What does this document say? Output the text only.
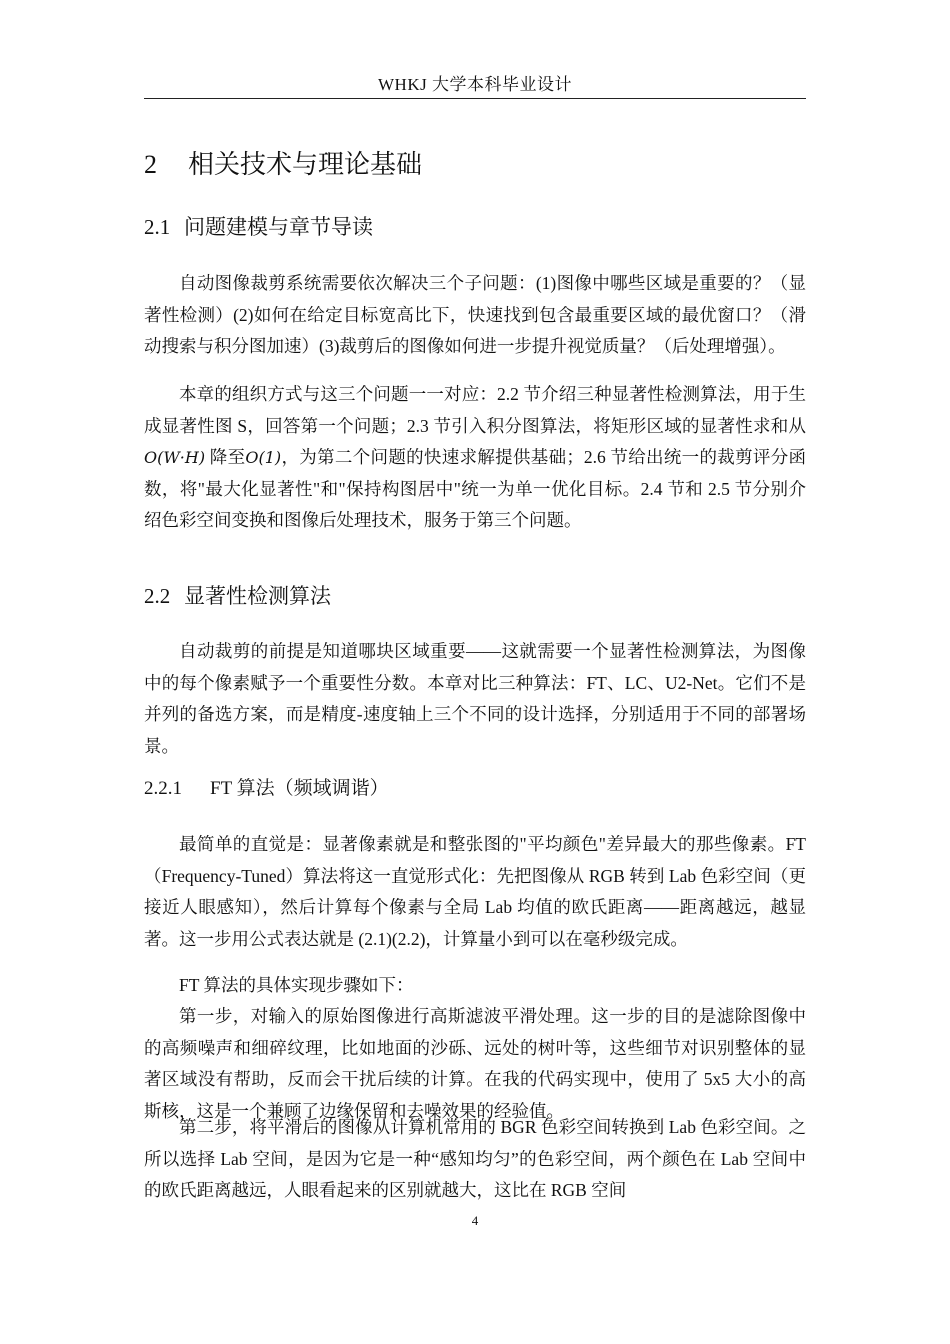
WHKJ 大学本科毕业设计
2 相关技术与理论基础
2.1 问题建模与章节导读

自动图像裁剪系统需要依次解决三个子问题：(1)图像中哪些区域是重要的？（显著性检测）(2)如何在给定目标宽高比下，快速找到包含最重要区域的最优窗口？（滑动搜索与积分图加速）(3)裁剪后的图像如何进一步提升视觉质量？（后处理增强）。

本章的组织方式与这三个问题一一对应：2.2 节介绍三种显著性检测算法，用于生成显著性图 S，回答第一个问题；2.3 节引入积分图算法，将矩形区域的显著性求和从O(W·H) 降至O(1)，为第二个问题的快速求解提供基础；2.6 节给出统一的裁剪评分函数，将"最大化显著性"和"保持构图居中"统一为单一优化目标。2.4 节和 2.5 节分别介绍色彩空间变换和图像后处理技术，服务于第三个问题。

2.2 显著性检测算法

自动裁剪的前提是知道哪块区域重要——这就需要一个显著性检测算法，为图像中的每个像素赋予一个重要性分数。本章对比三种算法：FT、LC、U2-Net。它们不是并列的备选方案，而是精度-速度轴上三个不同的设计选择，分别适用于不同的部署场景。

2.2.1 FT 算法（频域调谐）

最简单的直觉是：显著像素就是和整张图的"平均颜色"差异最大的那些像素。FT（Frequency-Tuned）算法将这一直觉形式化：先把图像从 RGB 转到 Lab 色彩空间（更接近人眼感知），然后计算每个像素与全局 Lab 均值的欧氏距离——距离越远，越显著。这一步用公式表达就是 (2.1)(2.2)，计算量小到可以在毫秒级完成。

FT 算法的具体实现步骤如下：

第一步，对输入的原始图像进行高斯滤波平滑处理。这一步的目的是滤除图像中的高频噪声和细碎纹理，比如地面的沙砾、远处的树叶等，这些细节对识别整体的显著区域没有帮助，反而会干扰后续的计算。在我的代码实现中，使用了 5x5 大小的高斯核，这是一个兼顾了边缘保留和去噪效果的经验值。

第二步，将平滑后的图像从计算机常用的 BGR 色彩空间转换到 Lab 色彩空间。之所以选择 Lab 空间，是因为它是一种“感知均匀”的色彩空间，两个颜色在 Lab 空间中的欧氏距离越远，人眼看起来的区别就越大，这比在 RGB 空间

4
